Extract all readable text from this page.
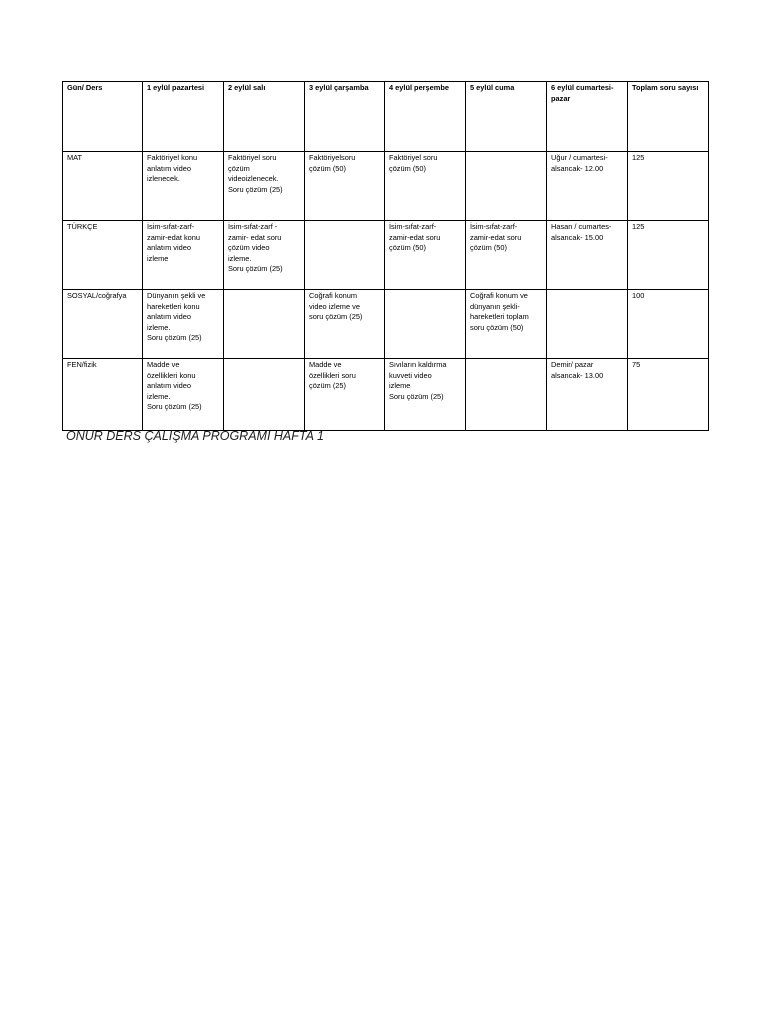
Gün/ Ders	1 eylül pazartesi	2 eylül salı	3 eylül çarşamba	4 eylül perşembe	5 eylül cuma	6 eylül cumartesi-
pazar	Toplam soru sayısı
MAT	Faktöriyel konu
anlatım video
izlenecek.	Faktöriyel soru
çözüm
videoizlenecek.
Soru çözüm (25)	Faktöriyelsoru
çözüm (50)	Faktöriyel soru
çözüm (50)		Uğur / cumartesi-
alsancak- 12.00	125
TÜRKÇE	İsim-sıfat-zarf-
zamir-edat konu
anlatım video
izleme	İsim-sıfat-zarf -
zamir- edat soru
çözüm video
izleme.
Soru çözüm (25)		İsim-sıfat-zarf-
zamir-edat soru
çözüm (50)	İsim-sıfat-zarf-
zamir-edat soru
çözüm (50)	Hasan / cumartes-
alsancak- 15.00	125
SOSYAL/coğrafya	Dünyanın şekli ve
hareketleri konu
anlatım video
izleme.
Soru çözüm (25)		Coğrafi konum
video izleme ve
soru çözüm (25)		Coğrafi konum ve
dünyanın şekli-
hareketleri toplam
soru çözüm (50)		100
FEN/fizik	Madde ve
özellikleri konu
anlatım video
izleme.
Soru çözüm (25)		Madde ve
özellikleri soru
çözüm (25)	Sıvıların kaldırma
kuvveti video
izleme
Soru çözüm (25)		Demir/ pazar
alsancak- 13.00	75
ONUR DERS ÇALIŞMA PROGRAMI HAFTA 1
